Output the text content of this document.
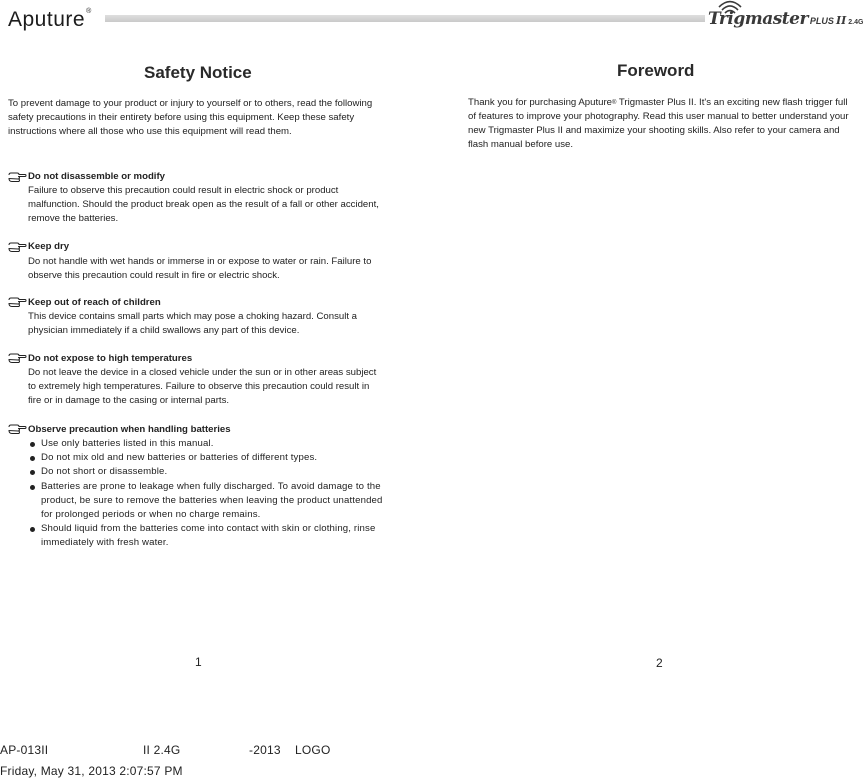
Aputure®	Trigmaster PLUS II 2.4G
Safety Notice
To prevent damage to your product or injury to yourself or to others, read the following safety precautions in their entirety before using this equipment. Keep these safety instructions where all those who use this equipment will read them.
Do not disassemble or modify
Failure to observe this precaution could result in electric shock or product malfunction. Should the product break open as the result of a fall or other accident, remove the batteries.
Keep dry
Do not handle with wet hands or immerse in or expose to water or rain. Failure to observe this precaution could result in fire or electric shock.
Keep out of reach of children
This device contains small parts which may pose a choking hazard. Consult a physician immediately if a child swallows any part of this device.
Do not expose to high temperatures
Do not leave the device in a closed vehicle under the sun or in other areas subject to extremely high temperatures. Failure to observe this precaution could result in fire or in damage to the casing or internal parts.
Observe precaution when handling batteries
Use only batteries listed in this manual.
Do not mix old and new batteries or batteries of different types.
Do not short or disassemble.
Batteries are prone to leakage when fully discharged. To avoid damage to the product, be sure to remove the batteries when leaving the product unattended for prolonged periods or when no charge remains.
Should liquid from the batteries come into contact with skin or clothing, rinse immediately with fresh water.
1
Foreword
Thank you for purchasing Aputure® Trigmaster Plus II. It's an exciting new flash trigger full of features to improve your photography. Read this user manual to better understand your new Trigmaster Plus II and maximize your shooting skills. Also refer to your camera and flash manual before use.
2
AP-013II	II 2.4G	-2013 LOGO
Friday, May 31, 2013 2:07:57 PM
